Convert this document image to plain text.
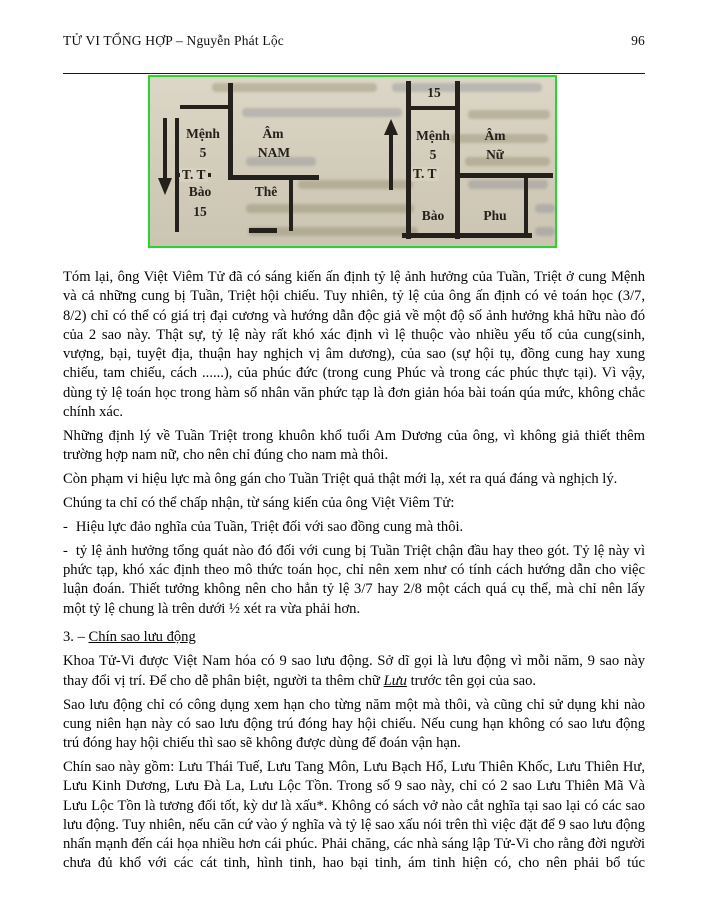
TỬ VI TỔNG HỢP – Nguyễn Phát Lộc	96
Mệnh
5
Âm
NAM
T. T
Bào
15
Thê
15
Mệnh
5
Âm
Nữ
T. T
Bào	Phu

Tóm lại, ông Việt Viêm Tử đã có sáng kiến ấn định tỷ lệ ảnh hưởng của Tuần, Triệt ở cung Mệnh và cả những cung bị Tuần, Triệt hội chiếu. Tuy nhiên, tỷ lệ của ông ấn định có vẻ toán học (3/7, 8/2) chỉ có thể có giá trị đại cương và hướng dẫn độc giả về một độ số ảnh hưởng khả hữu nào đó của 2 sao này. Thật sự, tỷ lệ này rất khó xác định vì lệ thuộc vào nhiều yếu tố của cung(sinh, vượng, bại, tuyệt địa, thuận hay nghịch vị âm dương), của sao (sự hội tụ, đồng cung hay xung chiếu, tam chiếu, cách ......), của phúc đức (trong cung Phúc và trong các phúc thực tại). Vì vậy, dùng tỷ lệ toán học trong hàm số nhân văn phức tạp là đơn giản hóa bài toán qúa mức, không chắc chính xác.

Những định lý về Tuần Triệt trong khuôn khổ tuổi Am Dương của ông, vì không giả thiết thêm trường hợp nam nữ, cho nên chỉ đúng cho nam mà thôi.

Còn phạm vi hiệu lực mà ông gán cho Tuần Triệt quả thật mới lạ, xét ra quá đáng và nghịch lý.

Chúng ta chỉ có thể chấp nhận, từ sáng kiến của ông Việt Viêm Tử:

- Hiệu lực đảo nghĩa của Tuần, Triệt đối với sao đồng cung mà thôi.

- tỷ lệ ảnh hưởng tổng quát nào đó đối với cung bị Tuần Triệt chận đầu hay theo gót. Tỷ lệ này vì phức tạp, khó xác định theo mô thức toán học, chỉ nên xem như có tính cách hướng dẫn cho việc luận đoán. Thiết tưởng không nên cho hẳn tỷ lệ 3/7 hay 2/8 một cách quá cụ thể, mà chỉ nên lấy một tỷ lệ chung là trên dưới ½ xét ra vừa phải hơn.

3. – Chín sao lưu động

Khoa Tử-Vi được Việt Nam hóa có 9 sao lưu động. Sở dĩ gọi là lưu động vì mỗi năm, 9 sao này thay đổi vị trí. Để cho dễ phân biệt, người ta thêm chữ Lưu trước tên gọi của sao.

Sao lưu động chỉ có công dụng xem hạn cho từng năm một mà thôi, và cũng chỉ sử dụng khi nào cung niên hạn này có sao lưu động trú đóng hay hội chiếu. Nếu cung hạn không có sao lưu động trú đóng hay hội chiếu thì sao sẽ không được dùng để đoán vận hạn.

Chín sao này gồm: Lưu Thái Tuế, Lưu Tang Môn, Lưu Bạch Hổ, Lưu Thiên Khốc, Lưu Thiên Hư, Lưu Kinh Dương, Lưu Đà La, Lưu Lộc Tồn. Trong số 9 sao này, chỉ có 2 sao Lưu Thiên Mã Và Lưu Lộc Tồn là tương đối tốt, kỳ dư là xấu*. Không có sách vở nào cắt nghĩa tại sao lại có các sao lưu động. Tuy nhiên, nếu căn cứ vào ý nghĩa và tỷ lệ sao xấu nói trên thì việc đặt để 9 sao lưu động nhấn mạnh đến cái họa nhiều hơn cái phúc. Phải chăng, các nhà sáng lập Tử-Vi cho rằng đời người chưa đủ khổ với các cát tinh, hình tinh, hao bại tinh, ám tinh hiện có, cho nên phải bổ túc
